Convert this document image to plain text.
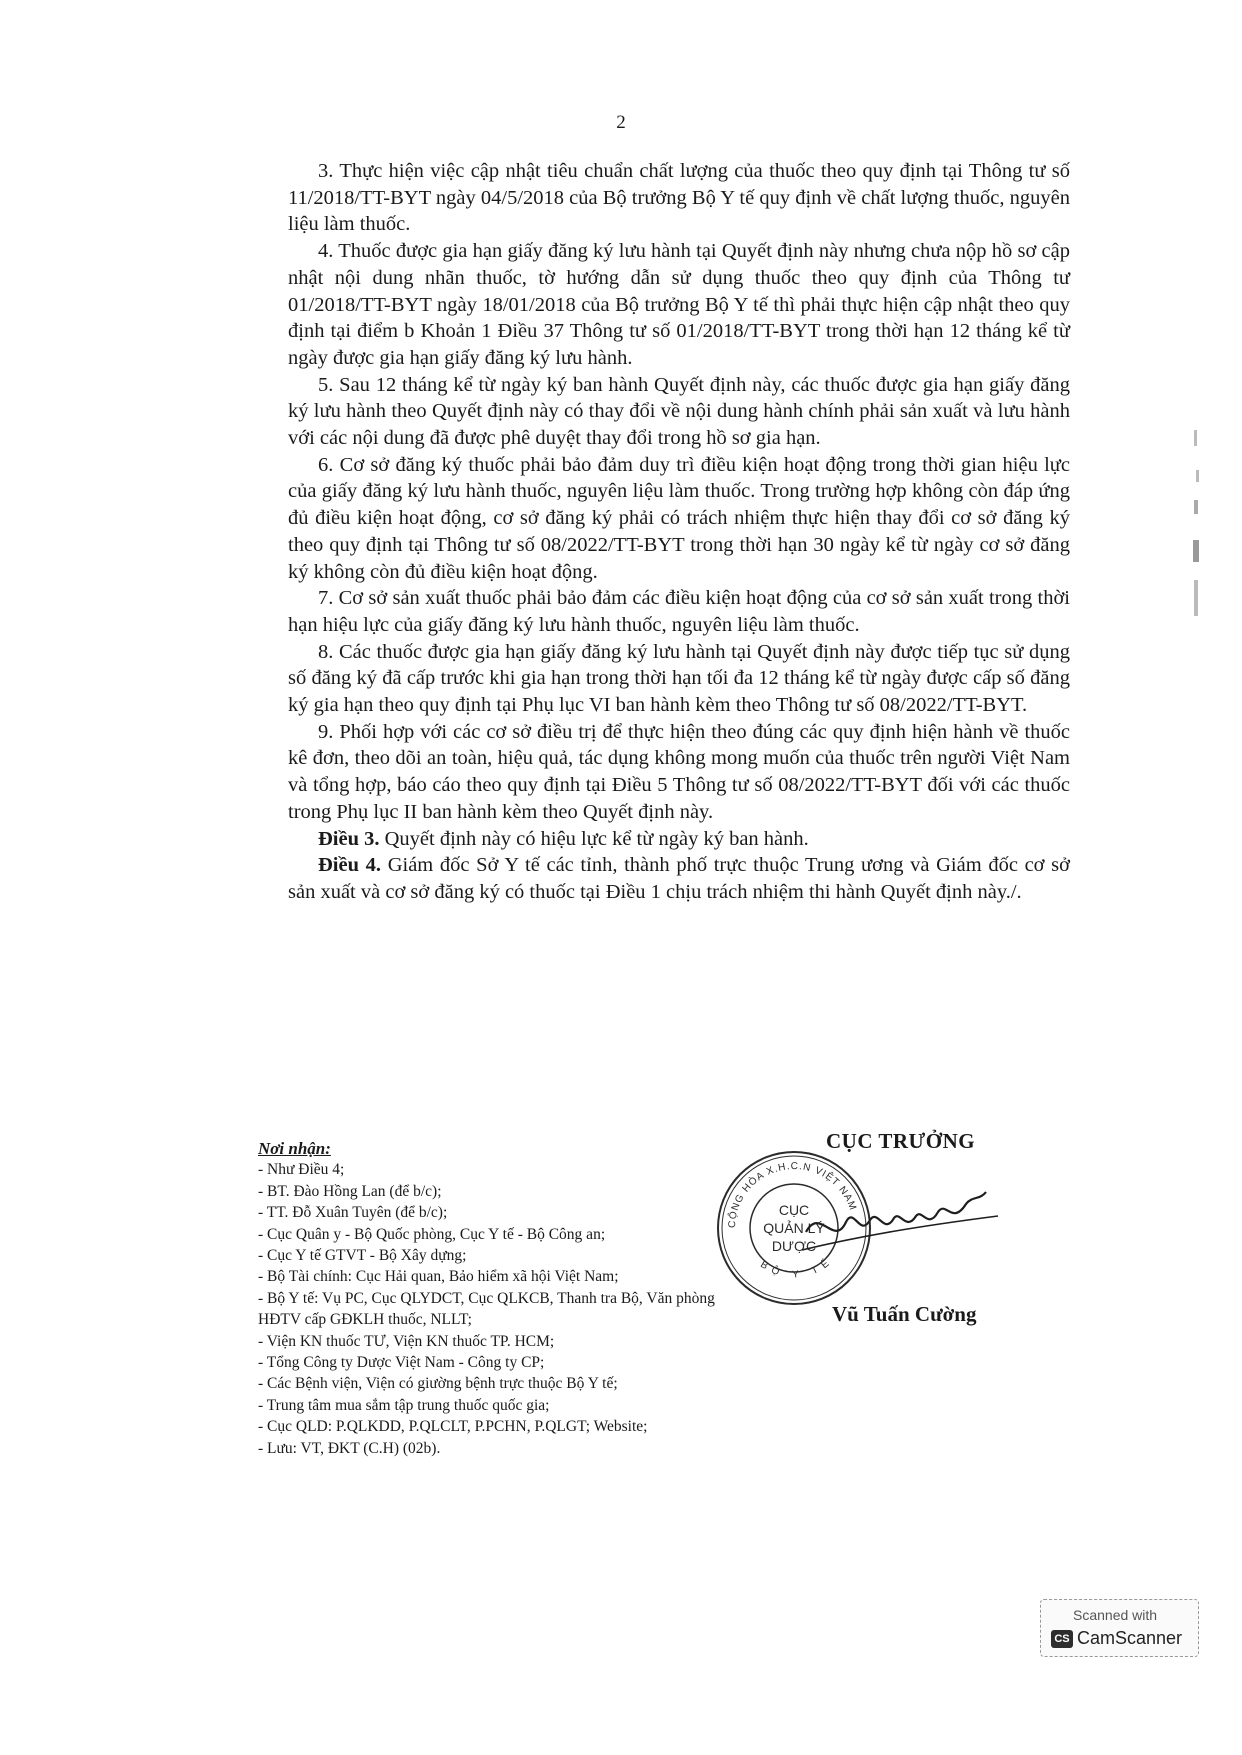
2

3. Thực hiện việc cập nhật tiêu chuẩn chất lượng của thuốc theo quy định tại Thông tư số 11/2018/TT-BYT ngày 04/5/2018 của Bộ trưởng Bộ Y tế quy định về chất lượng thuốc, nguyên liệu làm thuốc.

4. Thuốc được gia hạn giấy đăng ký lưu hành tại Quyết định này nhưng chưa nộp hồ sơ cập nhật nội dung nhãn thuốc, tờ hướng dẫn sử dụng thuốc theo quy định của Thông tư 01/2018/TT-BYT ngày 18/01/2018 của Bộ trưởng Bộ Y tế thì phải thực hiện cập nhật theo quy định tại điểm b Khoản 1 Điều 37 Thông tư số 01/2018/TT-BYT trong thời hạn 12 tháng kể từ ngày được gia hạn giấy đăng ký lưu hành.

5. Sau 12 tháng kể từ ngày ký ban hành Quyết định này, các thuốc được gia hạn giấy đăng ký lưu hành theo Quyết định này có thay đổi về nội dung hành chính phải sản xuất và lưu hành với các nội dung đã được phê duyệt thay đổi trong hồ sơ gia hạn.

6. Cơ sở đăng ký thuốc phải bảo đảm duy trì điều kiện hoạt động trong thời gian hiệu lực của giấy đăng ký lưu hành thuốc, nguyên liệu làm thuốc. Trong trường hợp không còn đáp ứng đủ điều kiện hoạt động, cơ sở đăng ký phải có trách nhiệm thực hiện thay đổi cơ sở đăng ký theo quy định tại Thông tư số 08/2022/TT-BYT trong thời hạn 30 ngày kể từ ngày cơ sở đăng ký không còn đủ điều kiện hoạt động.

7. Cơ sở sản xuất thuốc phải bảo đảm các điều kiện hoạt động của cơ sở sản xuất trong thời hạn hiệu lực của giấy đăng ký lưu hành thuốc, nguyên liệu làm thuốc.

8. Các thuốc được gia hạn giấy đăng ký lưu hành tại Quyết định này được tiếp tục sử dụng số đăng ký đã cấp trước khi gia hạn trong thời hạn tối đa 12 tháng kể từ ngày được cấp số đăng ký gia hạn theo quy định tại Phụ lục VI ban hành kèm theo Thông tư số 08/2022/TT-BYT.

9. Phối hợp với các cơ sở điều trị để thực hiện theo đúng các quy định hiện hành về thuốc kê đơn, theo dõi an toàn, hiệu quả, tác dụng không mong muốn của thuốc trên người Việt Nam và tổng hợp, báo cáo theo quy định tại Điều 5 Thông tư số 08/2022/TT-BYT đối với các thuốc trong Phụ lục II ban hành kèm theo Quyết định này.

Điều 3. Quyết định này có hiệu lực kể từ ngày ký ban hành.

Điều 4. Giám đốc Sở Y tế các tỉnh, thành phố trực thuộc Trung ương và Giám đốc cơ sở sản xuất và cơ sở đăng ký có thuốc tại Điều 1 chịu trách nhiệm thi hành Quyết định này./.

Nơi nhận:

- Như Điều 4;

- BT. Đào Hồng Lan (để b/c);

- TT. Đỗ Xuân Tuyên (để b/c);

- Cục Quân y - Bộ Quốc phòng, Cục Y tế - Bộ Công an;

- Cục Y tế GTVT - Bộ Xây dựng;

- Bộ Tài chính: Cục Hải quan, Bảo hiểm xã hội Việt Nam;

- Bộ Y tế: Vụ PC, Cục QLYDCT, Cục QLKCB, Thanh tra Bộ, Văn phòng HĐTV cấp GĐKLH thuốc, NLLT;

- Viện KN thuốc TƯ, Viện KN thuốc TP. HCM;

- Tổng Công ty Dược Việt Nam - Công ty CP;

- Các Bệnh viện, Viện có giường bệnh trực thuộc Bộ Y tế;

- Trung tâm mua sắm tập trung thuốc quốc gia;

- Cục QLD: P.QLKDD, P.QLCLT, P.PCHN, P.QLGT; Website;

- Lưu: VT, ĐKT (C.H) (02b).

CỤC TRƯỞNG
CỘNG HÒA X.H.C.N VIỆT NAM
BỘ Y TẾ
CỤC
QUẢN LÝ
DƯỢC
Vũ Tuấn Cường
Scanned with
CS CamScanner
